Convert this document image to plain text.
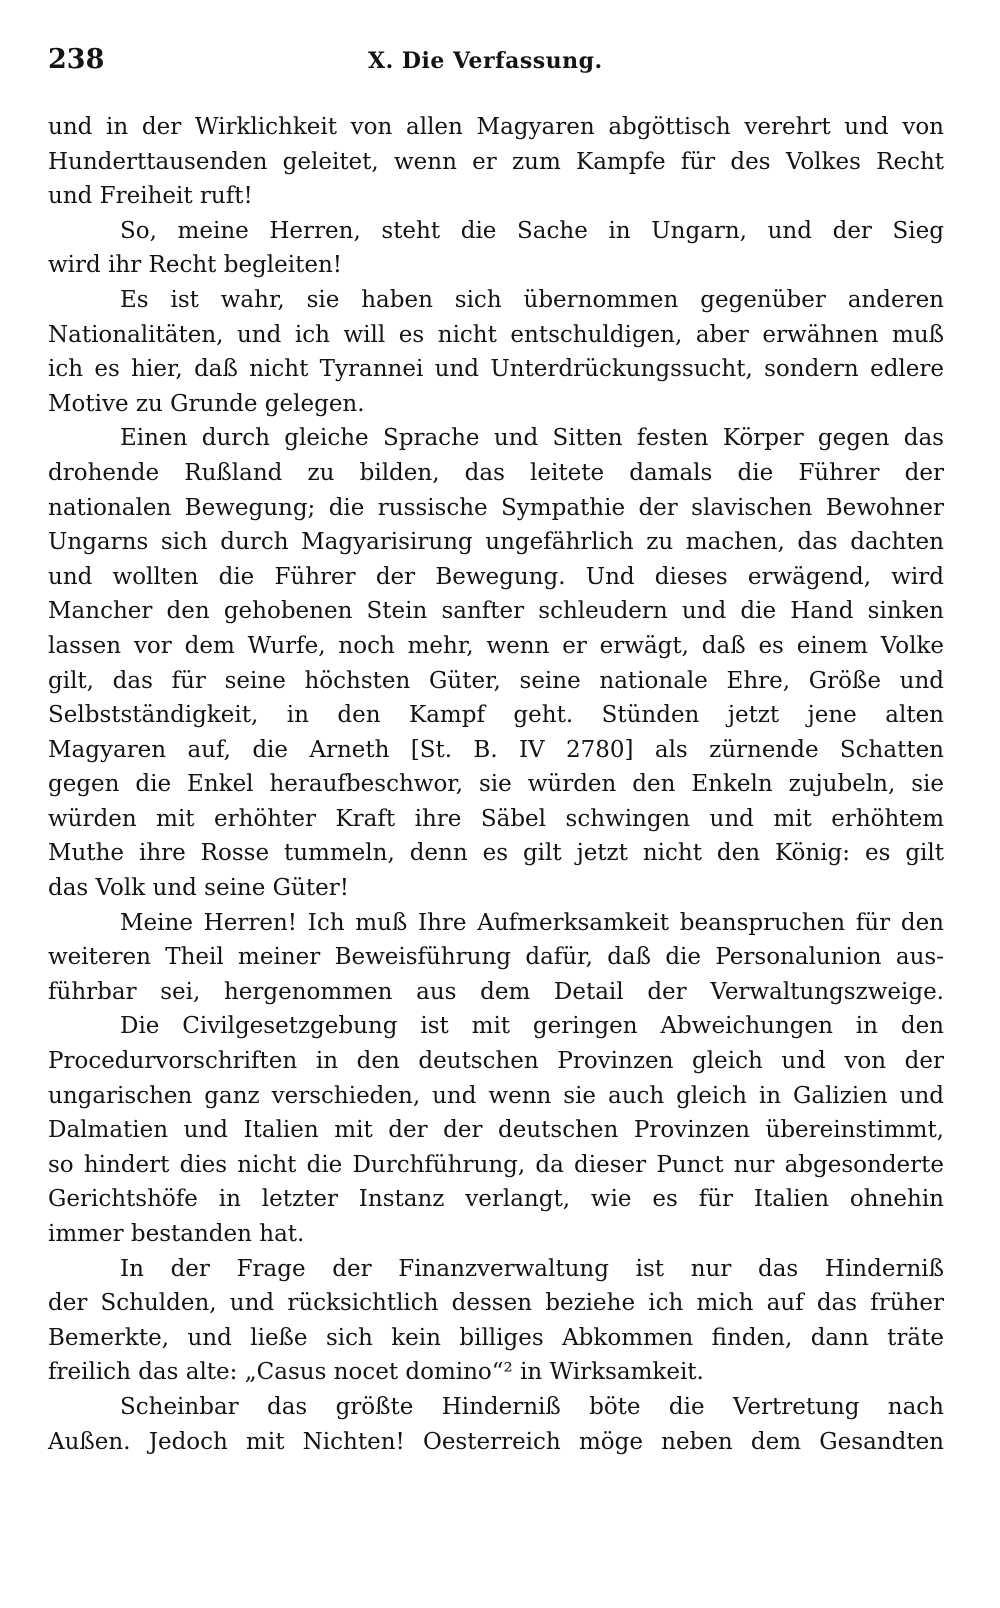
238	X. Die Verfassung.
und in der Wirklichkeit von allen Magyaren abgöttisch verehrt und von
Hunderttausenden geleitet, wenn er zum Kampfe für des Volkes Recht
und Freiheit ruft!
So, meine Herren, steht die Sache in Ungarn, und der Sieg
wird ihr Recht begleiten!
Es ist wahr, sie haben sich übernommen gegenüber anderen
Nationalitäten, und ich will es nicht entschuldigen, aber erwähnen muß
ich es hier, daß nicht Tyrannei und Unterdrückungssucht, sondern edlere
Motive zu Grunde gelegen.
Einen durch gleiche Sprache und Sitten festen Körper gegen das
drohende Rußland zu bilden, das leitete damals die Führer der
nationalen Bewegung; die russische Sympathie der slavischen Bewohner
Ungarns sich durch Magyarisirung ungefährlich zu machen, das dachten
und wollten die Führer der Bewegung. Und dieses erwägend, wird
Mancher den gehobenen Stein sanfter schleudern und die Hand sinken
lassen vor dem Wurfe, noch mehr, wenn er erwägt, daß es einem Volke
gilt, das für seine höchsten Güter, seine nationale Ehre, Größe und
Selbstständigkeit, in den Kampf geht. Stünden jetzt jene alten
Magyaren auf, die Arneth [St. B. IV 2780] als zürnende Schatten
gegen die Enkel heraufbeschwor, sie würden den Enkeln zujubeln, sie
würden mit erhöhter Kraft ihre Säbel schwingen und mit erhöhtem
Muthe ihre Rosse tummeln, denn es gilt jetzt nicht den König: es gilt
das Volk und seine Güter!
Meine Herren! Ich muß Ihre Aufmerksamkeit beanspruchen für den
weiteren Theil meiner Beweisführung dafür, daß die Personalunion aus-
führbar sei, hergenommen aus dem Detail der Verwaltungszweige.
Die Civilgesetzgebung ist mit geringen Abweichungen in den
Procedurvorschriften in den deutschen Provinzen gleich und von der
ungarischen ganz verschieden, und wenn sie auch gleich in Galizien und
Dalmatien und Italien mit der der deutschen Provinzen übereinstimmt,
so hindert dies nicht die Durchführung, da dieser Punct nur abgesonderte
Gerichtshöfe in letzter Instanz verlangt, wie es für Italien ohnehin
immer bestanden hat.
In der Frage der Finanzverwaltung ist nur das Hinderniß
der Schulden, und rücksichtlich dessen beziehe ich mich auf das früher
Bemerkte, und ließe sich kein billiges Abkommen finden, dann träte
freilich das alte: „Casus nocet domino“² in Wirksamkeit.
Scheinbar das größte Hinderniß böte die Vertretung nach
Außen. Jedoch mit Nichten! Oesterreich möge neben dem Gesandten
